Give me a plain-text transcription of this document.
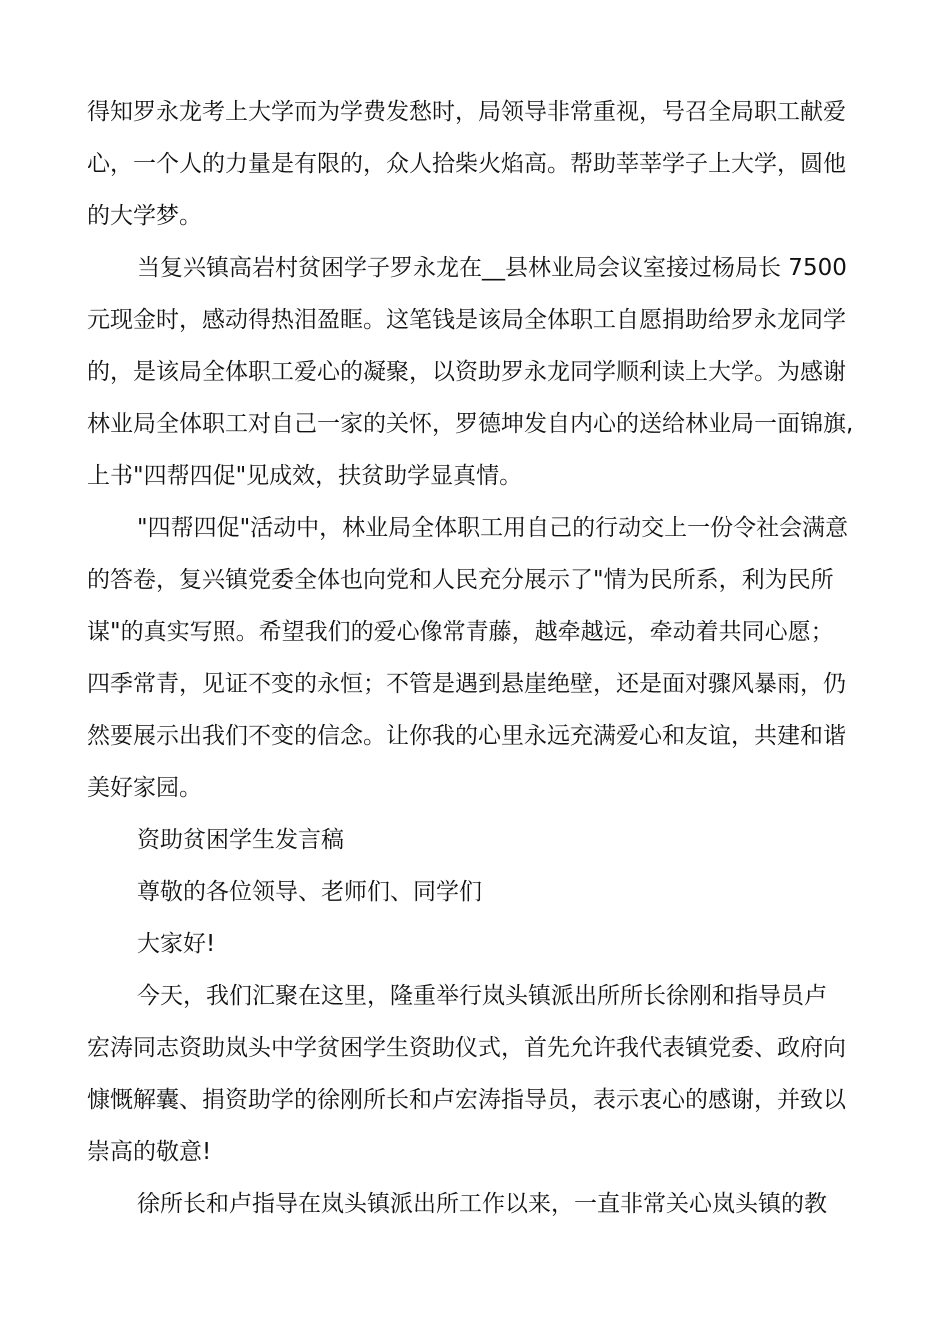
得知罗永龙考上大学而为学费发愁时，局领导非常重视，号召全局职工献爱

心，一个人的力量是有限的，众人拾柴火焰高。帮助莘莘学子上大学，圆他

的大学梦。

当复兴镇高岩村贫困学子罗永龙在__县林业局会议室接过杨局长 7500

元现金时，感动得热泪盈眶。这笔钱是该局全体职工自愿捐助给罗永龙同学

的，是该局全体职工爱心的凝聚，以资助罗永龙同学顺利读上大学。为感谢

林业局全体职工对自己一家的关怀，罗德坤发自内心的送给林业局一面锦旗,

上书"四帮四促"见成效，扶贫助学显真情。

"四帮四促"活动中，林业局全体职工用自己的行动交上一份令社会满意

的答卷，复兴镇党委全体也向党和人民充分展示了"情为民所系，利为民所

谋"的真实写照。希望我们的爱心像常青藤，越牵越远，牵动着共同心愿；

四季常青，见证不变的永恒；不管是遇到悬崖绝壁，还是面对骤风暴雨，仍

然要展示出我们不变的信念。让你我的心里永远充满爱心和友谊，共建和谐

美好家园。

资助贫困学生发言稿

尊敬的各位领导、老师们、同学们

大家好!

今天，我们汇聚在这里，隆重举行岚头镇派出所所长徐刚和指导员卢

宏涛同志资助岚头中学贫困学生资助仪式，首先允许我代表镇党委、政府向

慷慨解囊、捐资助学的徐刚所长和卢宏涛指导员，表示衷心的感谢，并致以

崇高的敬意!

徐所长和卢指导在岚头镇派出所工作以来，一直非常关心岚头镇的教
